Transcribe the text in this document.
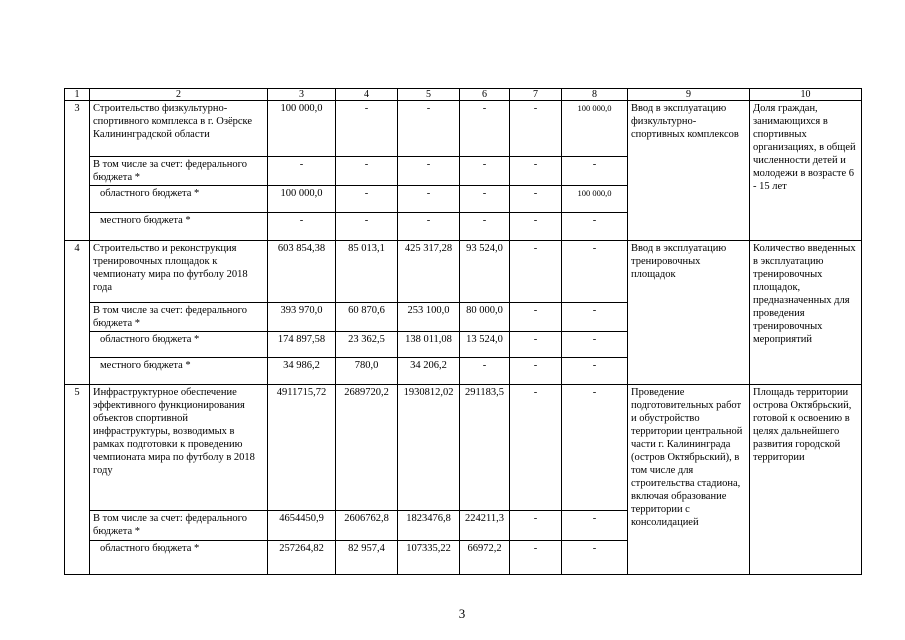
1	2	3	4	5	6	7	8	9	10
3	Строительство физкультурно-спортивного комплекса в г. Озёрске Калининградской области	100 000,0	-	-	-	-	100 000,0	Ввод в эксплуатацию физкультурно-спортивных комплексов	Доля граждан, занимающихся в спортивных организациях, в общей численности детей и молодежи в возрасте 6 - 15 лет
	В том числе за счет: федерального бюджета *	-	-	-	-	-	-		
	областного бюджета *	100 000,0	-	-	-	-	100 000,0		
	местного бюджета *	-	-	-	-	-	-		
4	Строительство и реконструкция тренировочных площадок к чемпионату мира по футболу 2018 года	603 854,38	85 013,1	425 317,28	93 524,0	-	-	Ввод в эксплуатацию тренировочных площадок	Количество введенных в эксплуатацию тренировочных площадок, предназначенных для проведения тренировочных мероприятий
	В том числе за счет: федерального бюджета *	393 970,0	60 870,6	253 100,0	80 000,0	-	-		
	областного бюджета *	174 897,58	23 362,5	138 011,08	13 524,0	-	-		
	местного бюджета *	34 986,2	780,0	34 206,2	-	-	-		
5	Инфраструктурное обеспечение эффективного функционирования объектов спортивной инфраструктуры, возводимых в рамках подготовки к проведению чемпионата мира по футболу в 2018 году	4911715,72	2689720,2	1930812,02	291183,5	-	-	Проведение подготовительных работ и обустройство территории центральной части г. Калининграда (остров Октябрьский), в том числе для строительства стадиона, включая образование территории с консолидацией	Площадь территории острова Октябрьский, готовой к освоению в целях дальнейшего развития городской территории
	В том числе за счет: федерального бюджета *	4654450,9	2606762,8	1823476,8	224211,3	-	-		
	областного бюджета *	257264,82	82 957,4	107335,22	66972,2	-	-		
3
